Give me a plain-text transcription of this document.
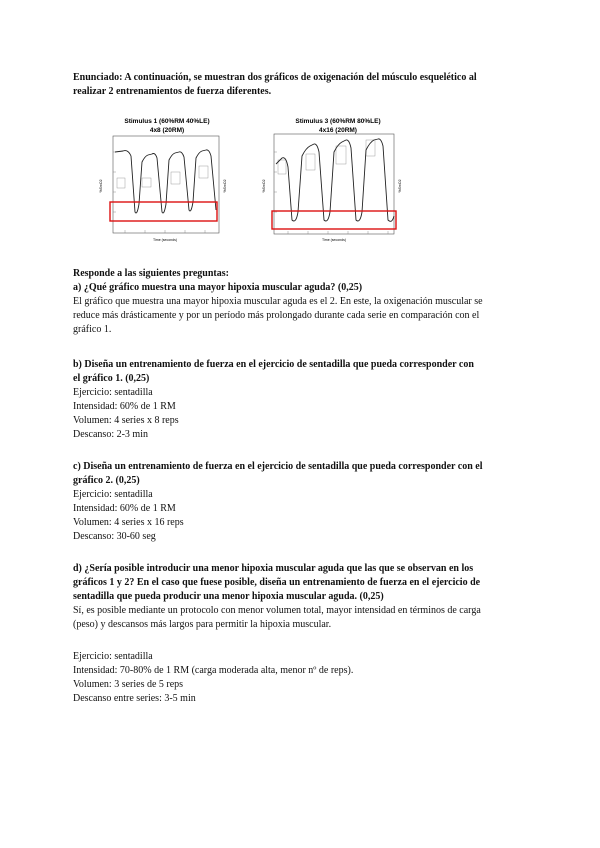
Enunciado: A continuación, se muestran dos gráficos de oxigenación del músculo esquelético al
realizar 2 entrenamientos de fuerza diferentes.
Stimulus 1 (60%RM 40%LE)
4x8 (20RM)
%SmO2	%SmO2
Time (seconds)
Stimulus 3 (60%RM 80%LE)
4x16 (20RM)
%SmO2	%SmO2
Time (seconds)
Responde a las siguientes preguntas:
a) ¿Qué gráfico muestra una mayor hipoxia muscular aguda? (0,25)
El gráfico que muestra una mayor hipoxia muscular aguda es el 2. En este, la oxigenación muscular se
reduce más drásticamente y por un período más prolongado durante cada serie en comparación con el
gráfico 1.
b) Diseña un entrenamiento de fuerza en el ejercicio de sentadilla que pueda corresponder con
el gráfico 1. (0,25)
Ejercicio: sentadilla
Intensidad: 60% de 1 RM
Volumen: 4 series x 8 reps
Descanso: 2-3 min
c) Diseña un entrenamiento de fuerza en el ejercicio de sentadilla que pueda corresponder con el
gráfico 2. (0,25)
Ejercicio: sentadilla
Intensidad: 60% de 1 RM
Volumen: 4 series x 16 reps
Descanso: 30-60 seg
d) ¿Sería posible introducir una menor hipoxia muscular aguda que las que se observan en los
gráficos 1 y 2? En el caso que fuese posible, diseña un entrenamiento de fuerza en el ejercicio de
sentadilla que pueda producir una menor hipoxia muscular aguda. (0,25)
Sí, es posible mediante un protocolo con menor volumen total, mayor intensidad en términos de carga
(peso) y descansos más largos para permitir la hipoxia muscular.
Ejercicio: sentadilla
Intensidad: 70-80% de 1 RM (carga moderada alta, menor nº de reps).
Volumen: 3 series de 5 reps
Descanso entre series: 3-5 min
